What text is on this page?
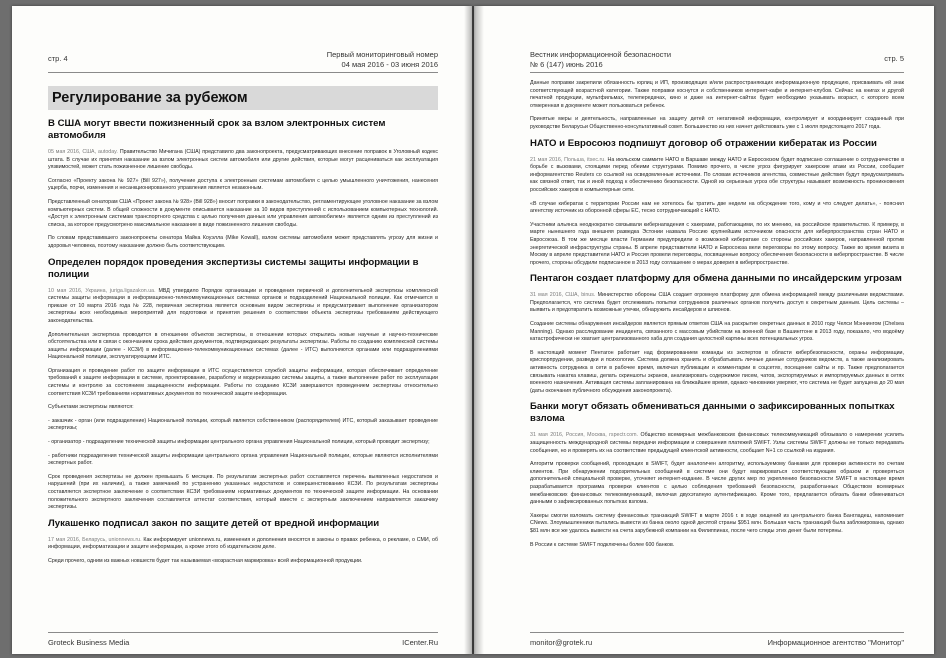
стр. 4	Первый мониторинговый номер
04 мая 2016 - 03 июня 2016
Регулирование за рубежом
В США могут ввести пожизненный срок за взлом электронных систем автомобиля

05 мая 2016, США, autoday. Правительство Мичигана (США) представило два законопроекта, предусматривающих внесение поправок в Уголовный кодекс штата. В случае их принятия наказание за взлом электронных систем автомобиля или другие действия, которые могут расцениваться как эксплуатация уязвимостей, может стать пожизненное лишение свободы.

Согласно «Проекту закона № 927» (Bill 927»), получение доступа к электронным системам автомобиля с целью умышленного уничтожения, нанесения ущерба, порчи, изменения и несанкционированного управления является незаконным.

Представленный сенаторам США «Проект закона № 928» (Bill 928») вносит поправки в законодательство, регламентирующее уголовное наказание за взлом компьютерных систем. В общей сложности в документе описывается наказание за 10 видов преступлений с использованием компьютерных технологий. «Доступ к электронным системам транспортного средства с целью получения данных или управления автомобилем» является одним из преступлений из списка, за которое предусмотрено максимальное наказание в виде пожизненного лишения свободы.

По словам представившего законопроекты сенатора Майка Коуэлла (Mike Kowall), взлом системы автомобиля может представлять угрозу для жизни и здоровья человека, поэтому наказание должно быть соответствующим.

Определен порядок проведения экспертизы системы защиты информации в полиции

10 мая 2016, Украина, juriga.ligazakon.ua. МВД утвердило Порядок организации и проведения первичной и дополнительной экспертизы комплексной системы защиты информации в информационно-телекоммуникационных системах органов и подразделений Национальной полиции. Как отмечается в приказе от 10 марта 2016 года № 228, первичная экспертиза является основным видом экспертизы и предусматривает выполнение организатором экспертизы всех необходимых мероприятий для подготовки и принятия решения о соответствии объекта экспертизы требованиям действующего законодательства.

Дополнительная экспертиза проводится в отношении объектов экспертизы, в отношении которых открылись новые научные и научно-технические обстоятельства или в связи с окончанием срока действия документов, подтверждающих результаты экспертизы. Работы по созданию комплексной системы защиты информации (далее - КСЗИ) в информационно-телекоммуникационных системах (далее - ИТС) выполняются органами или подразделениями Национальной полиции, эксплуатирующими ИТС.

Организация и проведение работ по защите информации в ИТС осуществляется службой защиты информации, которая обеспечивает определение требований к защите информации в системе, проектирование, разработку и модернизацию системы защиты, а также выполнение работ по эксплуатации системы и контролю за состоянием защищенности информации. Работы по созданию КСЗИ завершаются проведением экспертизы относительно соответствия КСЗИ требованиям нормативных документов по технической защите информации.

Субъектами экспертизы являются:

- заказчик - орган (или подразделение) Национальной полиции, который является собственником (распорядителем) ИТС, который заказывает проведение экспертизы;

- организатор - подразделение технической защиты информации центрального органа управления Национальной полиции, который проводит экспертизу;

- работники подразделения технической защиты информации центрального органа управления Национальной полиции, которые являются исполнителями экспертных работ.

Срок проведения экспертизы не должен превышать 6 месяцев. По результатам экспертных работ составляется перечень выявленных недостатков и нарушений (при их наличии), а также замечаний по устранению указанных недостатков и совершенствованию КСЗИ. По результатам экспертизы составляется экспертное заключение о соответствии КСЗИ требованиям нормативных документов по технической защите информации. На основании положительного экспертного заключения составляется аттестат соответствия, который вместе с экспертным заключением направляется заказчику экспертизы.

Лукашенко подписал закон по защите детей от вредной информации

17 мая 2016, Беларусь, unionnews.ru. Как информирует unionnews.ru, изменения и дополнения вносятся в законы о правах ребенка, о рекламе, о СМИ, об информации, информатизации и защите информации, а кроме этого об издательском деле.

Среди прочего, одним из важных новшеств будет так называемая «возрастная маркировка» всей информационной продукции.

Groteck Business Media	ICenter.Ru
Вестник информационной безопасности
№ 6 (147) июнь 2016
стр. 5

Данные поправки закрепили обязанность юрлиц и ИП, производящих и/или распространяющих информационную продукцию, присваивать ей знак соответствующей возрастной категории. Также поправки коснутся и собственников интернет-кафе и интернет-клубов. Сейчас на книгах и другой печатной продукции, мультфильмах, телепередачах, кино и даже на интернет-сайтах будет необходимо указывать возраст, с которого всем отмеренная в документе может пользоваться ребенок.

Принятые меры и деятельность, направленные на защиту детей от негативной информации, контролирует и координирует созданный при руководстве Беларусьи Общественно-консультативный совет. Большинство из них начнет действовать уже с 1 июля предстоящего 2017 года.

НАТО и Евросоюз подпишут договор об отражении кибератак из России

21 мая 2016, Польша, itsec.ru. На июльском саммите НАТО в Варшаве между НАТО и Евросоюзом будет подписано соглашение о сотрудничестве в борьбе с вызовами, стоящими перед обеими структурами. Помимо прочего, в числе угроз фигурирует хакерские атаки из России, сообщает информагентство Reuters со ссылкой на осведомленные источники. По словам источников агентства, совместные действия будут предусматривать как связной ответ, так и иной подход к обеспечению безопасности. Одной из серьезных угроз обе структуры называют возможность проникновения российских хакеров в компьютерные сети.

«В случае кибератак с территории России нам не хотелось бы тратить две недели на обсуждение того, кому и что следует делать», - пояснил агентству источник из оборонной сферы ЕС, тесно сотрудничающий с НАТО.

Участники альянса неоднократно связывали кибернападения с хакерами, работающими, по их мнению, на российское правительство. К примеру, в марте нынешнего года внешняя разведка Эстонии назвала Россию крупнейшим источником опасности для киберпространства стран НАТО и Евросоюза. В том же месяце власти Германии предупредили о возможной кибератаке со стороны российских хакеров, направленной против энергетической инфраструктуры страны. В апреле представители НАТО и Евросоюза вели переговоры по этому вопросу. Также во время визита в Москву в апреле представители НАТО и Россия провели переговоры, посвященные вопросу обеспечения безопасности в киберпространстве. В числе прочего, стороны обсудили подписанное в 2013 году соглашение о мерах доверия в киберпространстве.

Пентагон создает платформу для обмена данными по инсайдерским угрозам

31 мая 2016, США, binus. Министерство обороны США создает огромную платформу для обмена информацией между различными ведомствами. Предполагается, что система будет отслеживать попытки сотрудников различных органов получить доступ к секретным данным. Цель системы – выявить и предотвратить возможные утечки, обнаружить инсайдеров и шпионов.

Создание системы обнаружения инсайдеров является прямым ответом США на раскрытие секретных данных в 2010 году Челси Мэннингом (Chelsea Manning). Однако расследование инцидента, связанного с массовым убийством на военной базе в Вашингтоне в 2013 году, показало, что водоёму катастрофически не хватает централизованного хаба для создания целостной картины всех потенциальных угроз.

В настоящий момент Пентагон работает над формированием команды из экспертов в области кибербезопасности, охраны информации, криспорпрудении, разведки и психологии. Система должна хранить и обрабатывать личные данные сотрудников ведомств, а также анализировать активность сотрудника в сети в рабочее время, включая публикации и комментарии в соцсетях, посещение сайты и пр. Также предполагается связывать накатка клавиш, делать скриншоты экранов, анализировать содержимое писем, чатов, экспортируемых и импортируемых данных в сетях военного назначения. Активация системы запланирована на ближайшее время, однако чиновники уверяют, что система не будет запущена до 20 мая (даты окончания публичного обсуждения законопроекта).

Банки могут обязать обмениваться данными о зафиксированных попытках взлома

31 мая 2016, Россия, Москва, rspectr.com. Общество всемирных межбанковских финансовых телекоммуникаций обязывало о намерении усилить защищенность международной системы передачи информации и совершения платежей SWIFT. Узлы системы SWIFT должны не только передавать сообщения, но и проверять их на соответствие предыдущей клиентской активности, сообщает N+1 со ссылкой на издания.

Алгоритм проверки сообщений, проходящих в SWIFT, будет аналогичен алгоритму, используемому банками для проверки активности по счетам клиентов. При обнаружении подозрительных сообщений в системе они будут маркироваться соответствующим образом и проверяться дополнительной специальной проверке, уточняет интернет-издание. В числе других мер по укреплению безопасности SWIFT в настоящее время разрабатывается программа проверки клиентов с целью соблюдения требований безопасности, разработанных Обществом всемирных межбанковских финансовых телекоммуникаций, включая двухэтапную аутентификацию. Кроме того, предлагается обязать банки обмениваться данными о зафиксированных попытках взлома.

Хакеры смогли взломать систему финансовых транзакций SWIFT в марте 2016 г. в ходе хищений из центрального банка Бангладеш, напоминает CNews. Злоумышленники пытались вывести из банка около одной десятой страны $951 млн. Большая часть транзакций была заблокирована, однако $81 млн все же удалось вывести на счета зарубежной компании на Филиппинах, после чего следы этих денег были потеряны.

В России к системе SWIFT подключены более 600 банков.

monitor@grotek.ru	Информационное агентство "Монитор"
